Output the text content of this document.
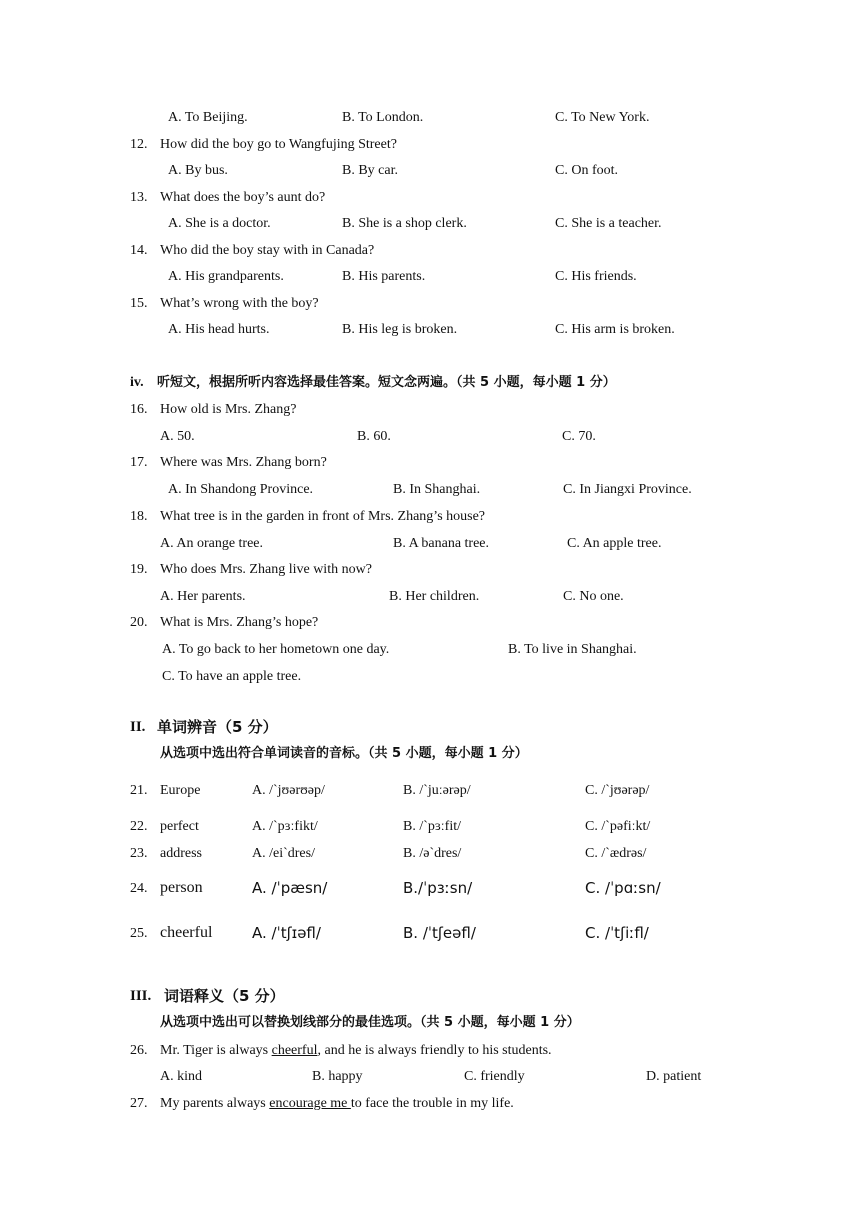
A. To Beijing.	B. To London.	C. To New York.
12. How did the boy go to Wangfujing Street?
A. By bus.	B. By car.	C. On foot.
13. What does the boy’s aunt do?
A. She is a doctor.	B. She is a shop clerk.	C. She is a teacher.
14. Who did the boy stay with in Canada?
A. His grandparents.	B. His parents.	C. His friends.
15. What’s wrong with the boy?
A. His head hurts.	B. His leg is broken.	C. His arm is broken.
iv. 听短文，根据所听内容选择最佳答案。短文念两遍。（共 5 小题，每小题 1 分）
16. How old is Mrs. Zhang?
A. 50.	B. 60.	C. 70.
17. Where was Mrs. Zhang born?
A. In Shandong Province.	B. In Shanghai.	C. In Jiangxi Province.
18. What tree is in the garden in front of Mrs. Zhang’s house?
A. An orange tree.	B. A banana tree.	C. An apple tree.
19. Who does Mrs. Zhang live with now?
A. Her parents.	B. Her children.	C. No one.
20. What is Mrs. Zhang’s hope?
A. To go back to her hometown one day.	B. To live in Shanghai.
C. To have an apple tree.
II. 单词辨音（5 分）
从选项中选出符合单词读音的音标。（共 5 小题，每小题 1 分）
21. Europe	A. /ˋjʊərʊəp/	B. /ˋjuːərəp/	C. /ˋjʊərəp/
22. perfect	A. /ˋpɜːfikt/	B. /ˋpɜːfit/	C. /ˋpəfiːkt/
23. address	A. /eiˋdres/	B. /əˋdres/	C. /ˋædrəs/
24. person	A. /ˈpæsn/	B./ˈpɜːsn/	C. /ˈpɑːsn/
25. cheerful	A. /ˈtʃɪəfl/	B. /ˈtʃeəfl/	C. /ˈtʃiːfl/
III. 词语释义（5 分）
从选项中选出可以替换划线部分的最佳选项。（共 5 小题，每小题 1 分）
26. Mr. Tiger is always cheerful, and he is always friendly to his students.
A. kind	B. happy	C. friendly	D. patient
27. My parents always encourage me to face the trouble in my life.
